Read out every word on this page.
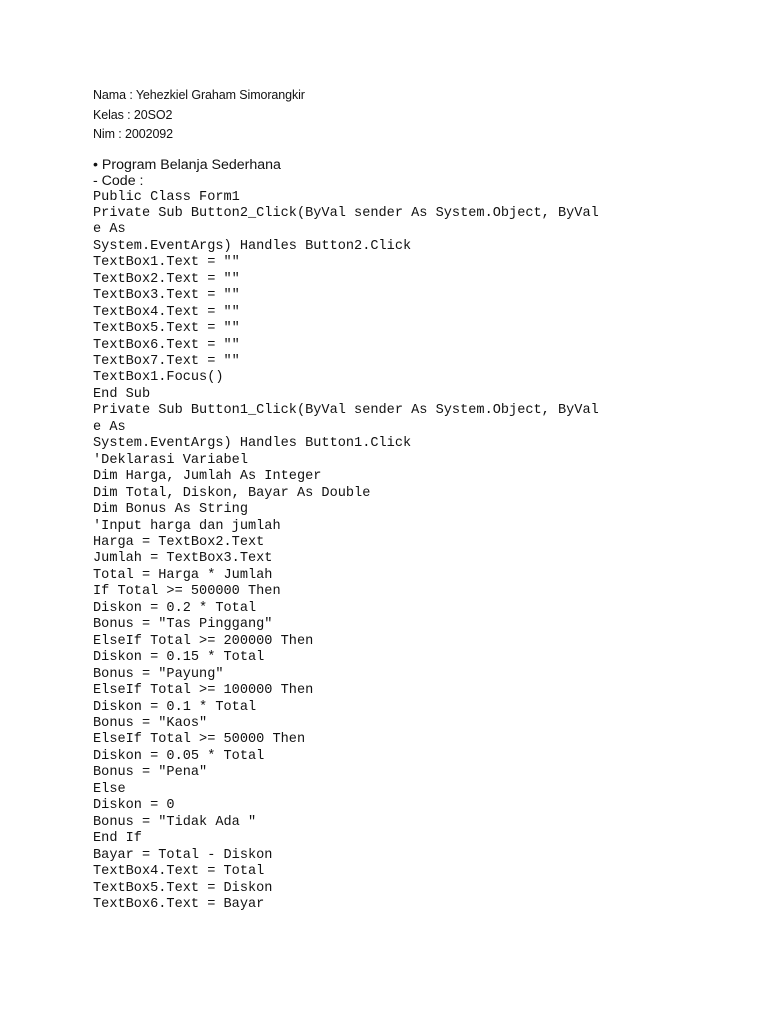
Nama : Yehezkiel Graham Simorangkir
Kelas : 20SO2
Nim : 2002092
• Program Belanja Sederhana
- Code :
Public Class Form1
Private Sub Button2_Click(ByVal sender As System.Object, ByVal
e As
System.EventArgs) Handles Button2.Click
TextBox1.Text = ""
TextBox2.Text = ""
TextBox3.Text = ""
TextBox4.Text = ""
TextBox5.Text = ""
TextBox6.Text = ""
TextBox7.Text = ""
TextBox1.Focus()
End Sub
Private Sub Button1_Click(ByVal sender As System.Object, ByVal
e As
System.EventArgs) Handles Button1.Click
'Deklarasi Variabel
Dim Harga, Jumlah As Integer
Dim Total, Diskon, Bayar As Double
Dim Bonus As String
'Input harga dan jumlah
Harga = TextBox2.Text
Jumlah = TextBox3.Text
Total = Harga * Jumlah
If Total >= 500000 Then
Diskon = 0.2 * Total
Bonus = "Tas Pinggang"
ElseIf Total >= 200000 Then
Diskon = 0.15 * Total
Bonus = "Payung"
ElseIf Total >= 100000 Then
Diskon = 0.1 * Total
Bonus = "Kaos"
ElseIf Total >= 50000 Then
Diskon = 0.05 * Total
Bonus = "Pena"
Else
Diskon = 0
Bonus = "Tidak Ada "
End If
Bayar = Total - Diskon
TextBox4.Text = Total
TextBox5.Text = Diskon
TextBox6.Text = Bayar
